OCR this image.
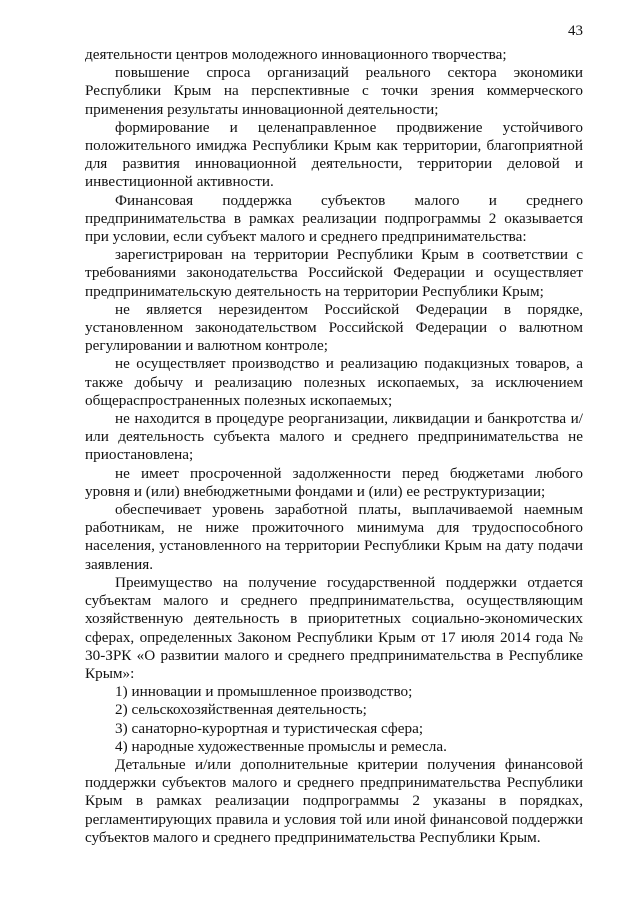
43

деятельности центров молодежного инновационного творчества;

повышение спроса организаций реального сектора экономики Республики Крым на перспективные с точки зрения коммерческого применения результаты инновационной деятельности;

формирование и целенаправленное продвижение устойчивого положительного имиджа Республики Крым как территории, благоприятной для развития инновационной деятельности, территории деловой и инвестиционной активности.

Финансовая поддержка субъектов малого и среднего предпринимательства в рамках реализации подпрограммы 2 оказывается при условии, если субъект малого и среднего предпринимательства:

зарегистрирован на территории Республики Крым в соответствии с требованиями законодательства Российской Федерации и осуществляет предпринимательскую деятельность на территории Республики Крым;

не является нерезидентом Российской Федерации в порядке, установленном законодательством Российской Федерации о валютном регулировании и валютном контроле;

не осуществляет производство и реализацию подакцизных товаров, а также добычу и реализацию полезных ископаемых, за исключением общераспространенных полезных ископаемых;

не находится в процедуре реорганизации, ликвидации и банкротства и/или деятельность субъекта малого и среднего предпринимательства не приостановлена;

не имеет просроченной задолженности перед бюджетами любого уровня и (или) внебюджетными фондами и (или) ее реструктуризации;

обеспечивает уровень заработной платы, выплачиваемой наемным работникам, не ниже прожиточного минимума для трудоспособного населения, установленного на территории Республики Крым на дату подачи заявления.

Преимущество на получение государственной поддержки отдается субъектам малого и среднего предпринимательства, осуществляющим хозяйственную деятельность в приоритетных социально-экономических сферах, определенных Законом Республики Крым от 17 июля 2014 года № 30-ЗРК «О развитии малого и среднего предпринимательства в Республике Крым»:

1) инновации и промышленное производство;

2) сельскохозяйственная деятельность;

3) санаторно-курортная и туристическая сфера;

4) народные художественные промыслы и ремесла.

Детальные и/или дополнительные критерии получения финансовой поддержки субъектов малого и среднего предпринимательства Республики Крым в рамках реализации подпрограммы 2 указаны в порядках, регламентирующих правила и условия той или иной финансовой поддержки субъектов малого и среднего предпринимательства Республики Крым.
